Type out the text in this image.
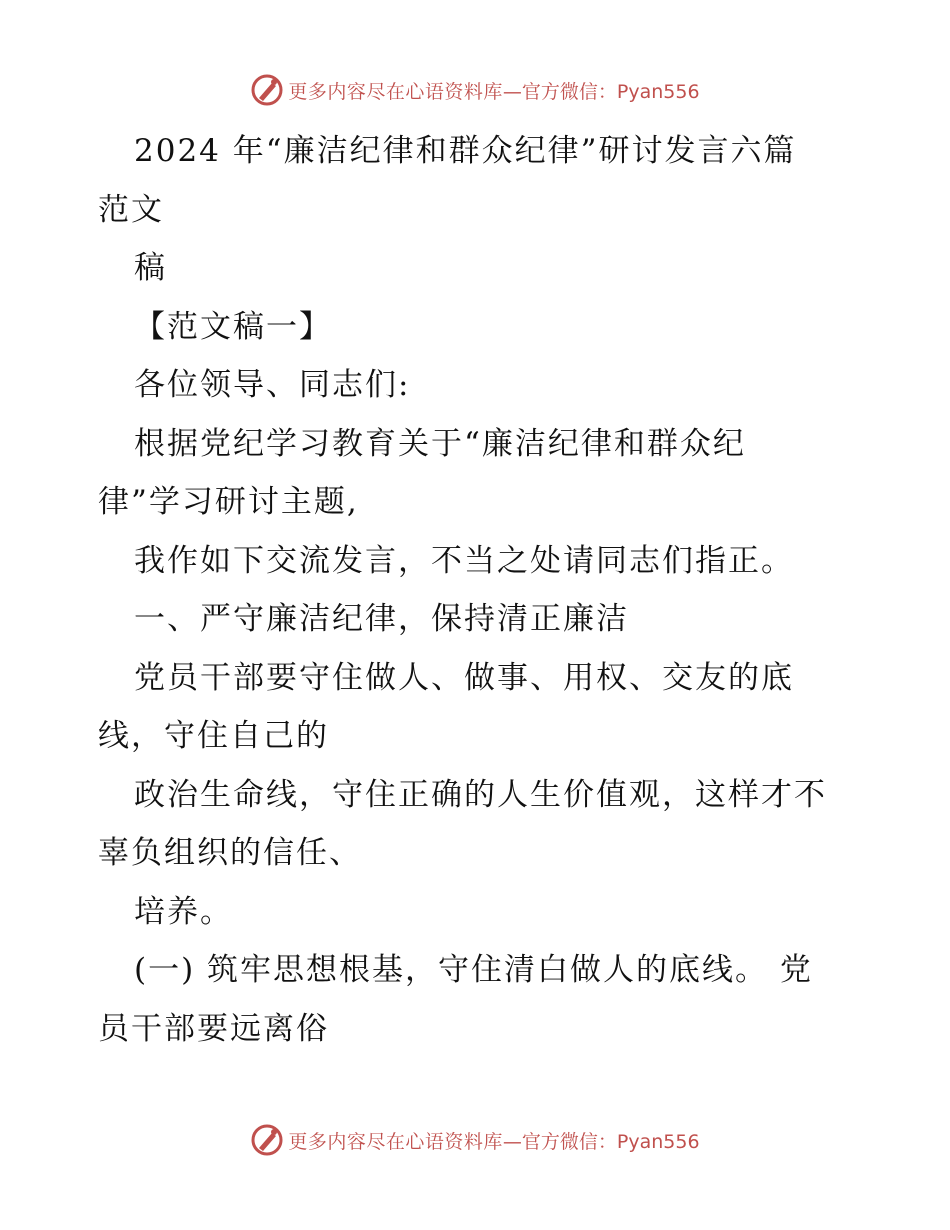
更多内容尽在心语资料库 —官方微信：Pyan556
2024 年“廉洁纪律和群众纪律”研讨发言六篇
范文
稿
【范文稿一】
各位领导、同志们:
根据党纪学习教育关于“廉洁纪律和群众纪
律”学习研讨主题,
我作如下交流发言，不当之处请同志们指正。
一、严守廉洁纪律，保持清正廉洁
党员干部要守住做人、做事、用权、交友的底
线，守住自己的
政治生命线，守住正确的人生价值观，这样才不
辜负组织的信任、
培养。
(一) 筑牢思想根基，守住清白做人的底线。 党
员干部要远离俗
更多内容尽在心语资料库 —官方微信：Pyan556
